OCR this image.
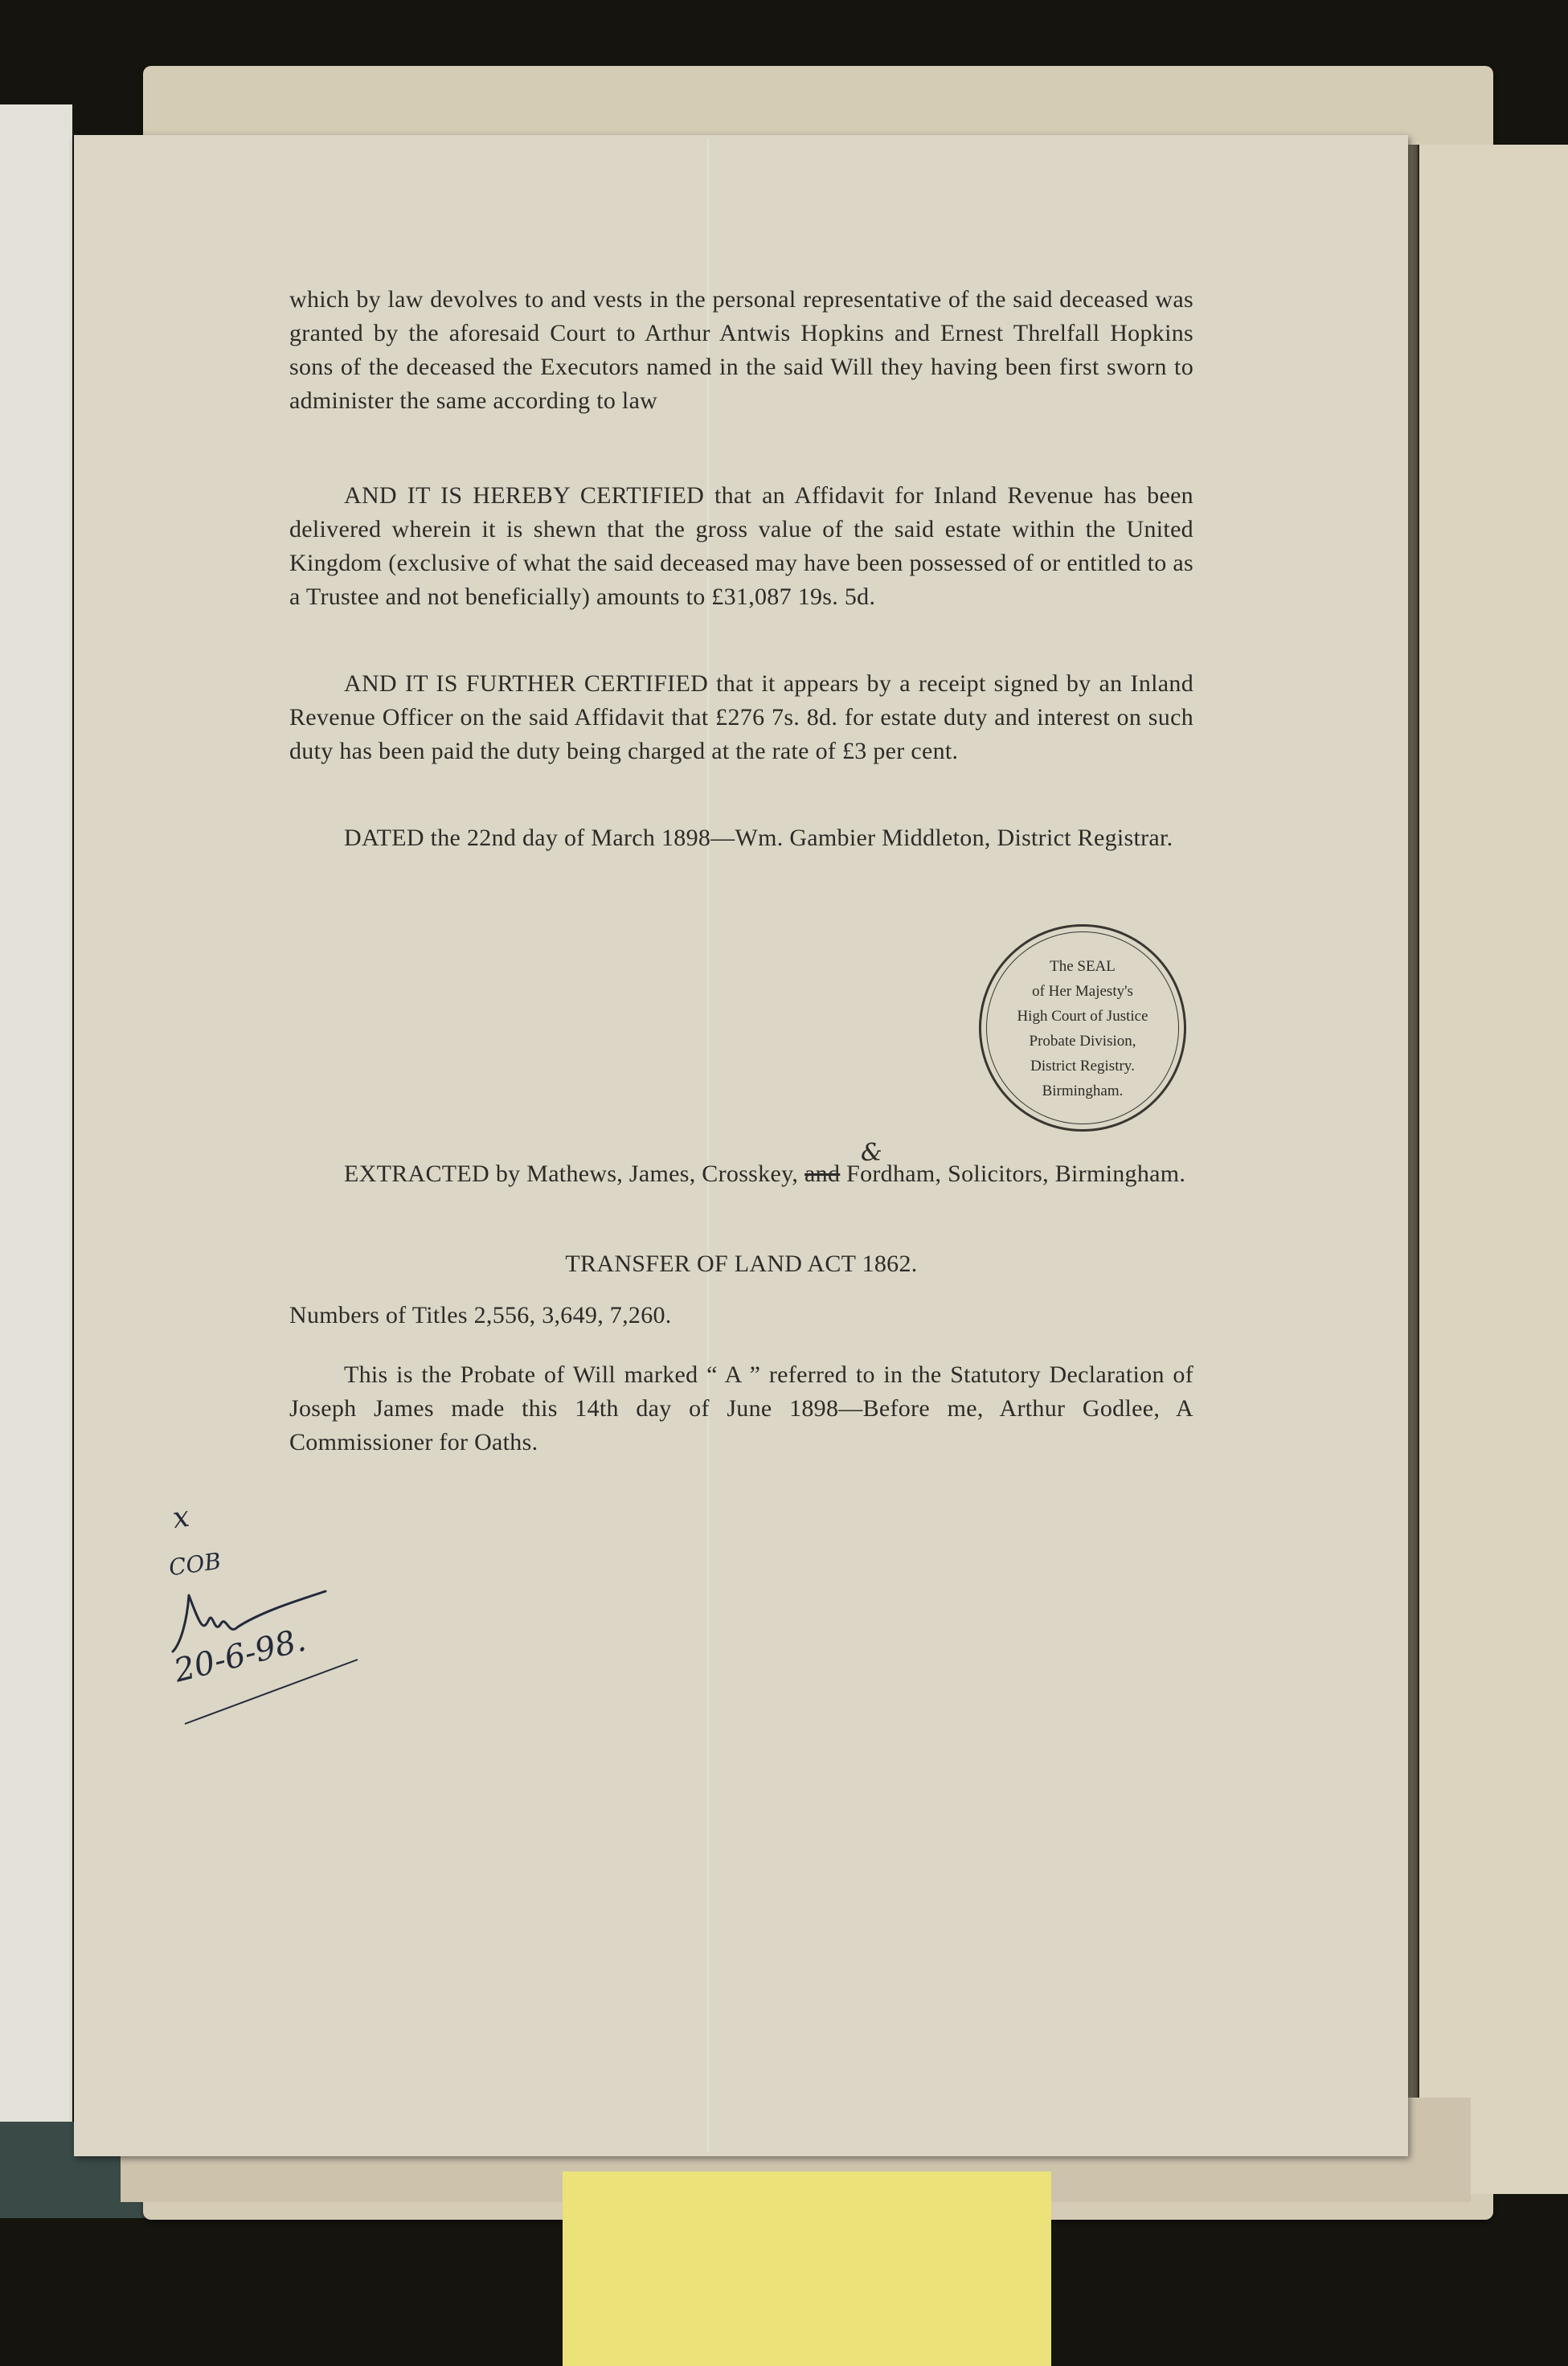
which by law devolves to and vests in the personal representative of the said deceased was granted by the aforesaid Court to Arthur Antwis Hopkins and Ernest Threlfall Hopkins sons of the deceased the Executors named in the said Will they having been first sworn to administer the same according to law

AND IT IS HEREBY CERTIFIED that an Affidavit for Inland Revenue has been delivered wherein it is shewn that the gross value of the said estate within the United Kingdom (exclusive of what the said deceased may have been possessed of or entitled to as a Trustee and not beneficially) amounts to £31,087 19s. 5d.

AND IT IS FURTHER CERTIFIED that it appears by a receipt signed by an Inland Revenue Officer on the said Affidavit that £276 7s. 8d. for estate duty and interest on such duty has been paid the duty being charged at the rate of £3 per cent.

DATED the 22nd day of March 1898—Wm. Gambier Middleton, District Registrar.

The SEAL
of Her Majesty's
High Court of Justice
Probate Division,
District Registry.
Birmingham.

EXTRACTED by Mathews, James, Crosskey, and
&
Fordham, Solicitors, Birmingham.

TRANSFER OF LAND ACT 1862.

Numbers of Titles 2,556, 3,649, 7,260.

This is the Probate of Will marked “ A ” referred to in the Statutory Declaration of Joseph James made this 14th day of June 1898—Before me, Arthur Godlee, A Commissioner for Oaths.

x
COB
20-6-98.
